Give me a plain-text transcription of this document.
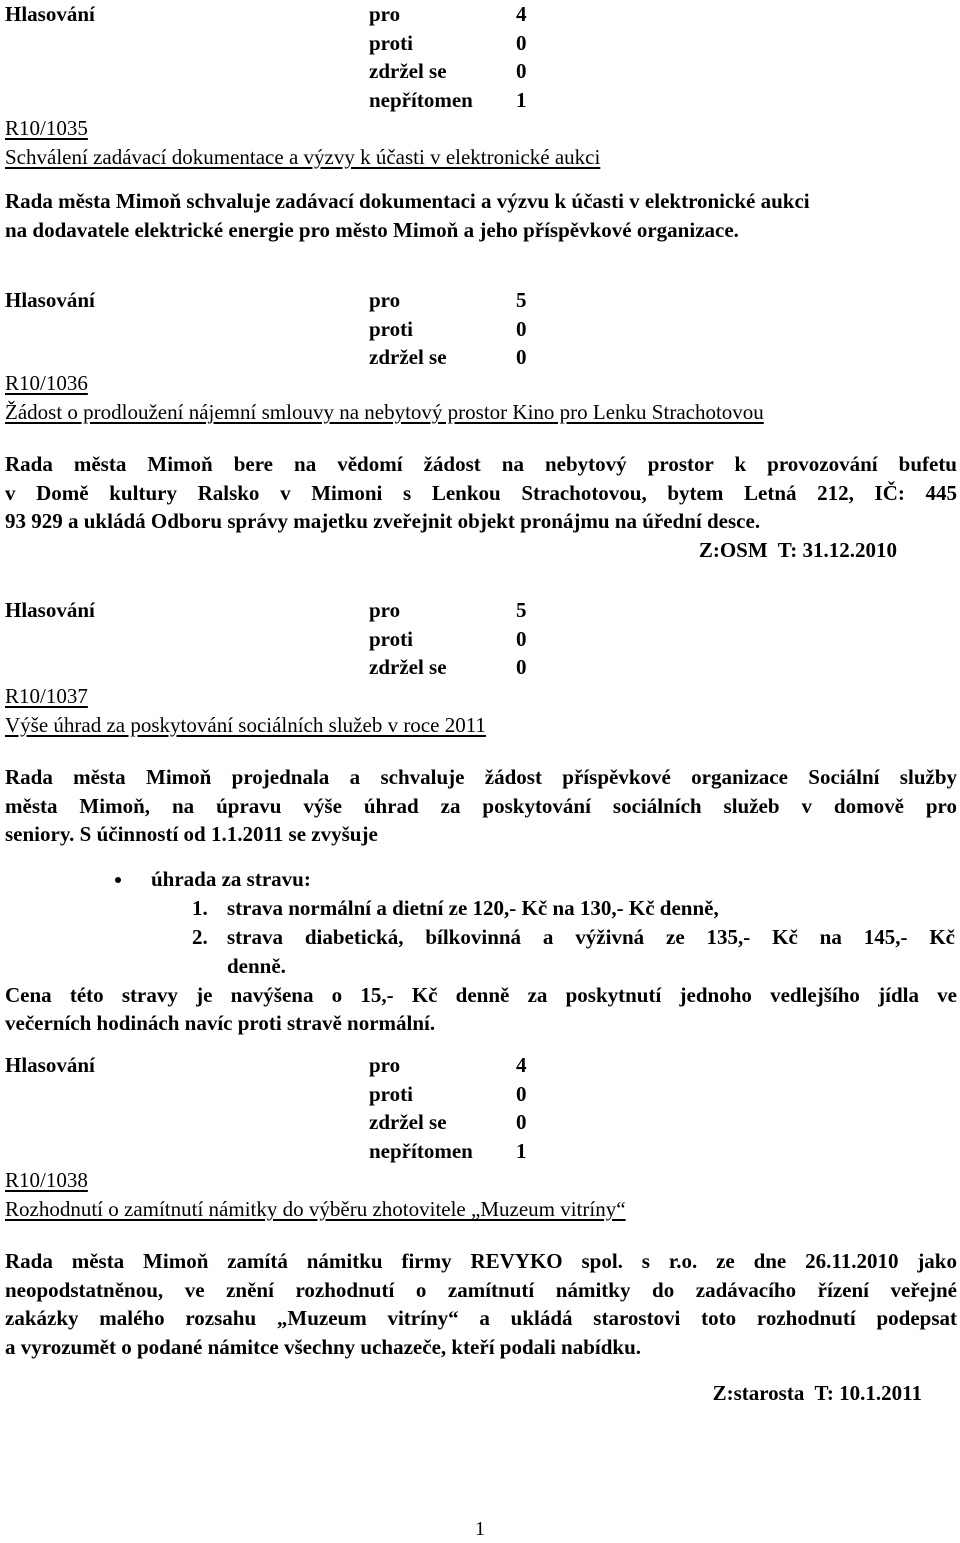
Hlasování	pro	4
proti	0
zdržel se	0
nepřítomen 1
R10/1035
Schválení zadávací dokumentace a výzvy k účasti v elektronické aukci
Rada města Mimoň schvaluje zadávací dokumentaci a výzvu k účasti v elektronické aukci
na dodavatele elektrické energie pro město Mimoň a jeho příspěvkové organizace.
Hlasování	pro	5
proti	0
zdržel se	0
R10/1036
Žádost o prodloužení nájemní smlouvy na nebytový prostor Kino pro Lenku Strachotovou
Rada města Mimoň bere na vědomí žádost na nebytový prostor k provozování bufetu
v Domě kultury Ralsko v Mimoni s Lenkou Strachotovou, bytem Letná 212, IČ: 445
93 929 a ukládá Odboru správy majetku zveřejnit objekt pronájmu na úřední desce.
Z:OSM  T: 31.12.2010
Hlasování	pro	5
proti	0
zdržel se	0
R10/1037
Výše úhrad za poskytování sociálních služeb v roce 2011
Rada města Mimoň projednala a schvaluje žádost příspěvkové organizace Sociální služby
města Mimoň, na úpravu výše úhrad za poskytování sociálních služeb v domově pro
seniory. S účinností od 1.1.2011 se zvyšuje
úhrada za stravu:
1. strava normální a dietní ze 120,- Kč na 130,- Kč denně,
2. strava diabetická, bílkovinná a výživná ze 135,- Kč na 145,- Kč
denně.
Cena této stravy je navýšena o 15,- Kč denně za poskytnutí jednoho vedlejšího jídla ve
večerních hodinách navíc proti stravě normální.
Hlasování	pro	4
proti	0
zdržel se	0
nepřítomen 1
R10/1038
Rozhodnutí o zamítnutí námitky do výběru zhotovitele „Muzeum vitríny“
Rada města Mimoň zamítá námitku firmy REVYKO spol. s r.o. ze dne 26.11.2010 jako
neopodstatněnou, ve znění rozhodnutí o zamítnutí námitky do zadávacího řízení veřejné
zakázky malého rozsahu „Muzeum vitríny“ a ukládá starostovi toto rozhodnutí podepsat
a vyrozumět o podané námitce všechny uchazeče, kteří podali nabídku.
Z:starosta  T: 10.1.2011
1
